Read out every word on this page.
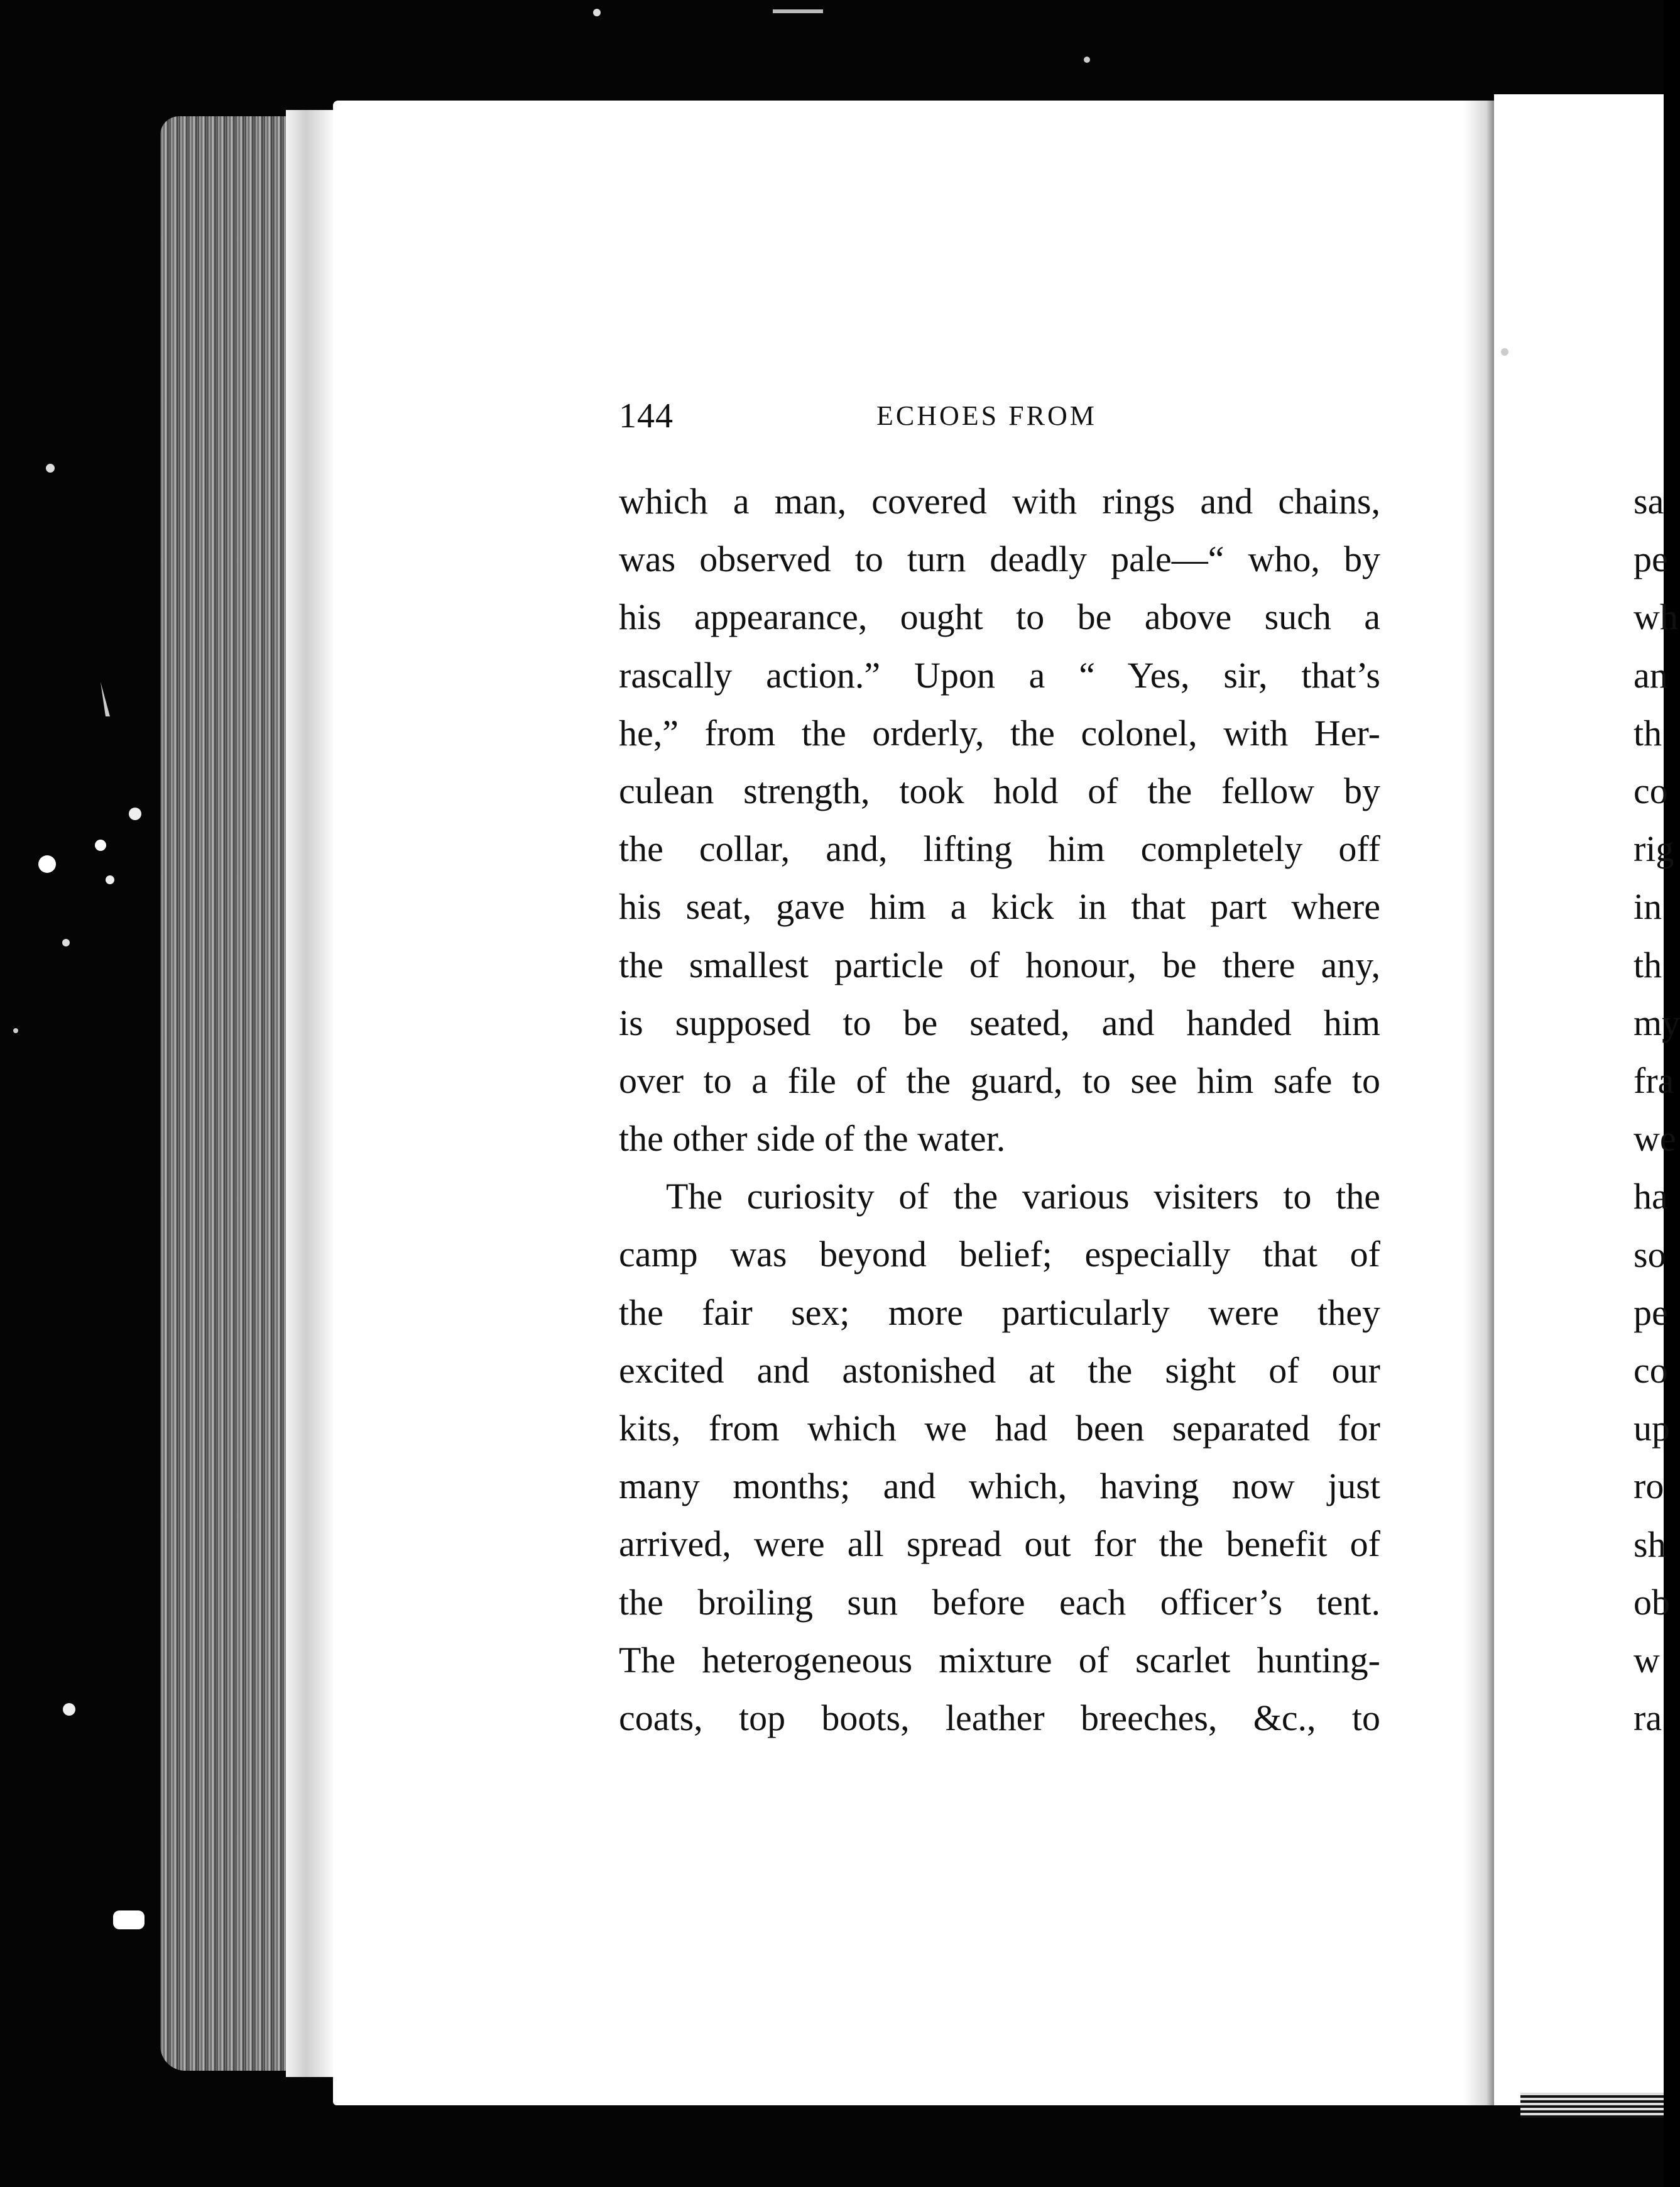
144	ECHOES FROM
which a man, covered with rings and chains,
was observed to turn deadly pale—“ who, by
his appearance, ought to be above such a
rascally action.” Upon a “ Yes, sir, that’s
he,” from the orderly, the colonel, with Her-
culean strength, took hold of the fellow by
the collar, and, lifting him completely off
his seat, gave him a kick in that part where
the smallest particle of honour, be there any,
is supposed to be seated, and handed him
over to a file of the guard, to see him safe to
the other side of the water.
The curiosity of the various visiters to the
camp was beyond belief; especially that of
the fair sex; more particularly were they
excited and astonished at the sight of our
kits, from which we had been separated for
many months; and which, having now just
arrived, were all spread out for the benefit of
the broiling sun before each officer’s tent.
The heterogeneous mixture of scarlet hunting-
coats, top boots, leather breeches, &c., to
sa
pe
wh
an
th
co
rig
in
th
my
fra
we
ha
so
pe
co
up
ro
sh
ob
w
ra
